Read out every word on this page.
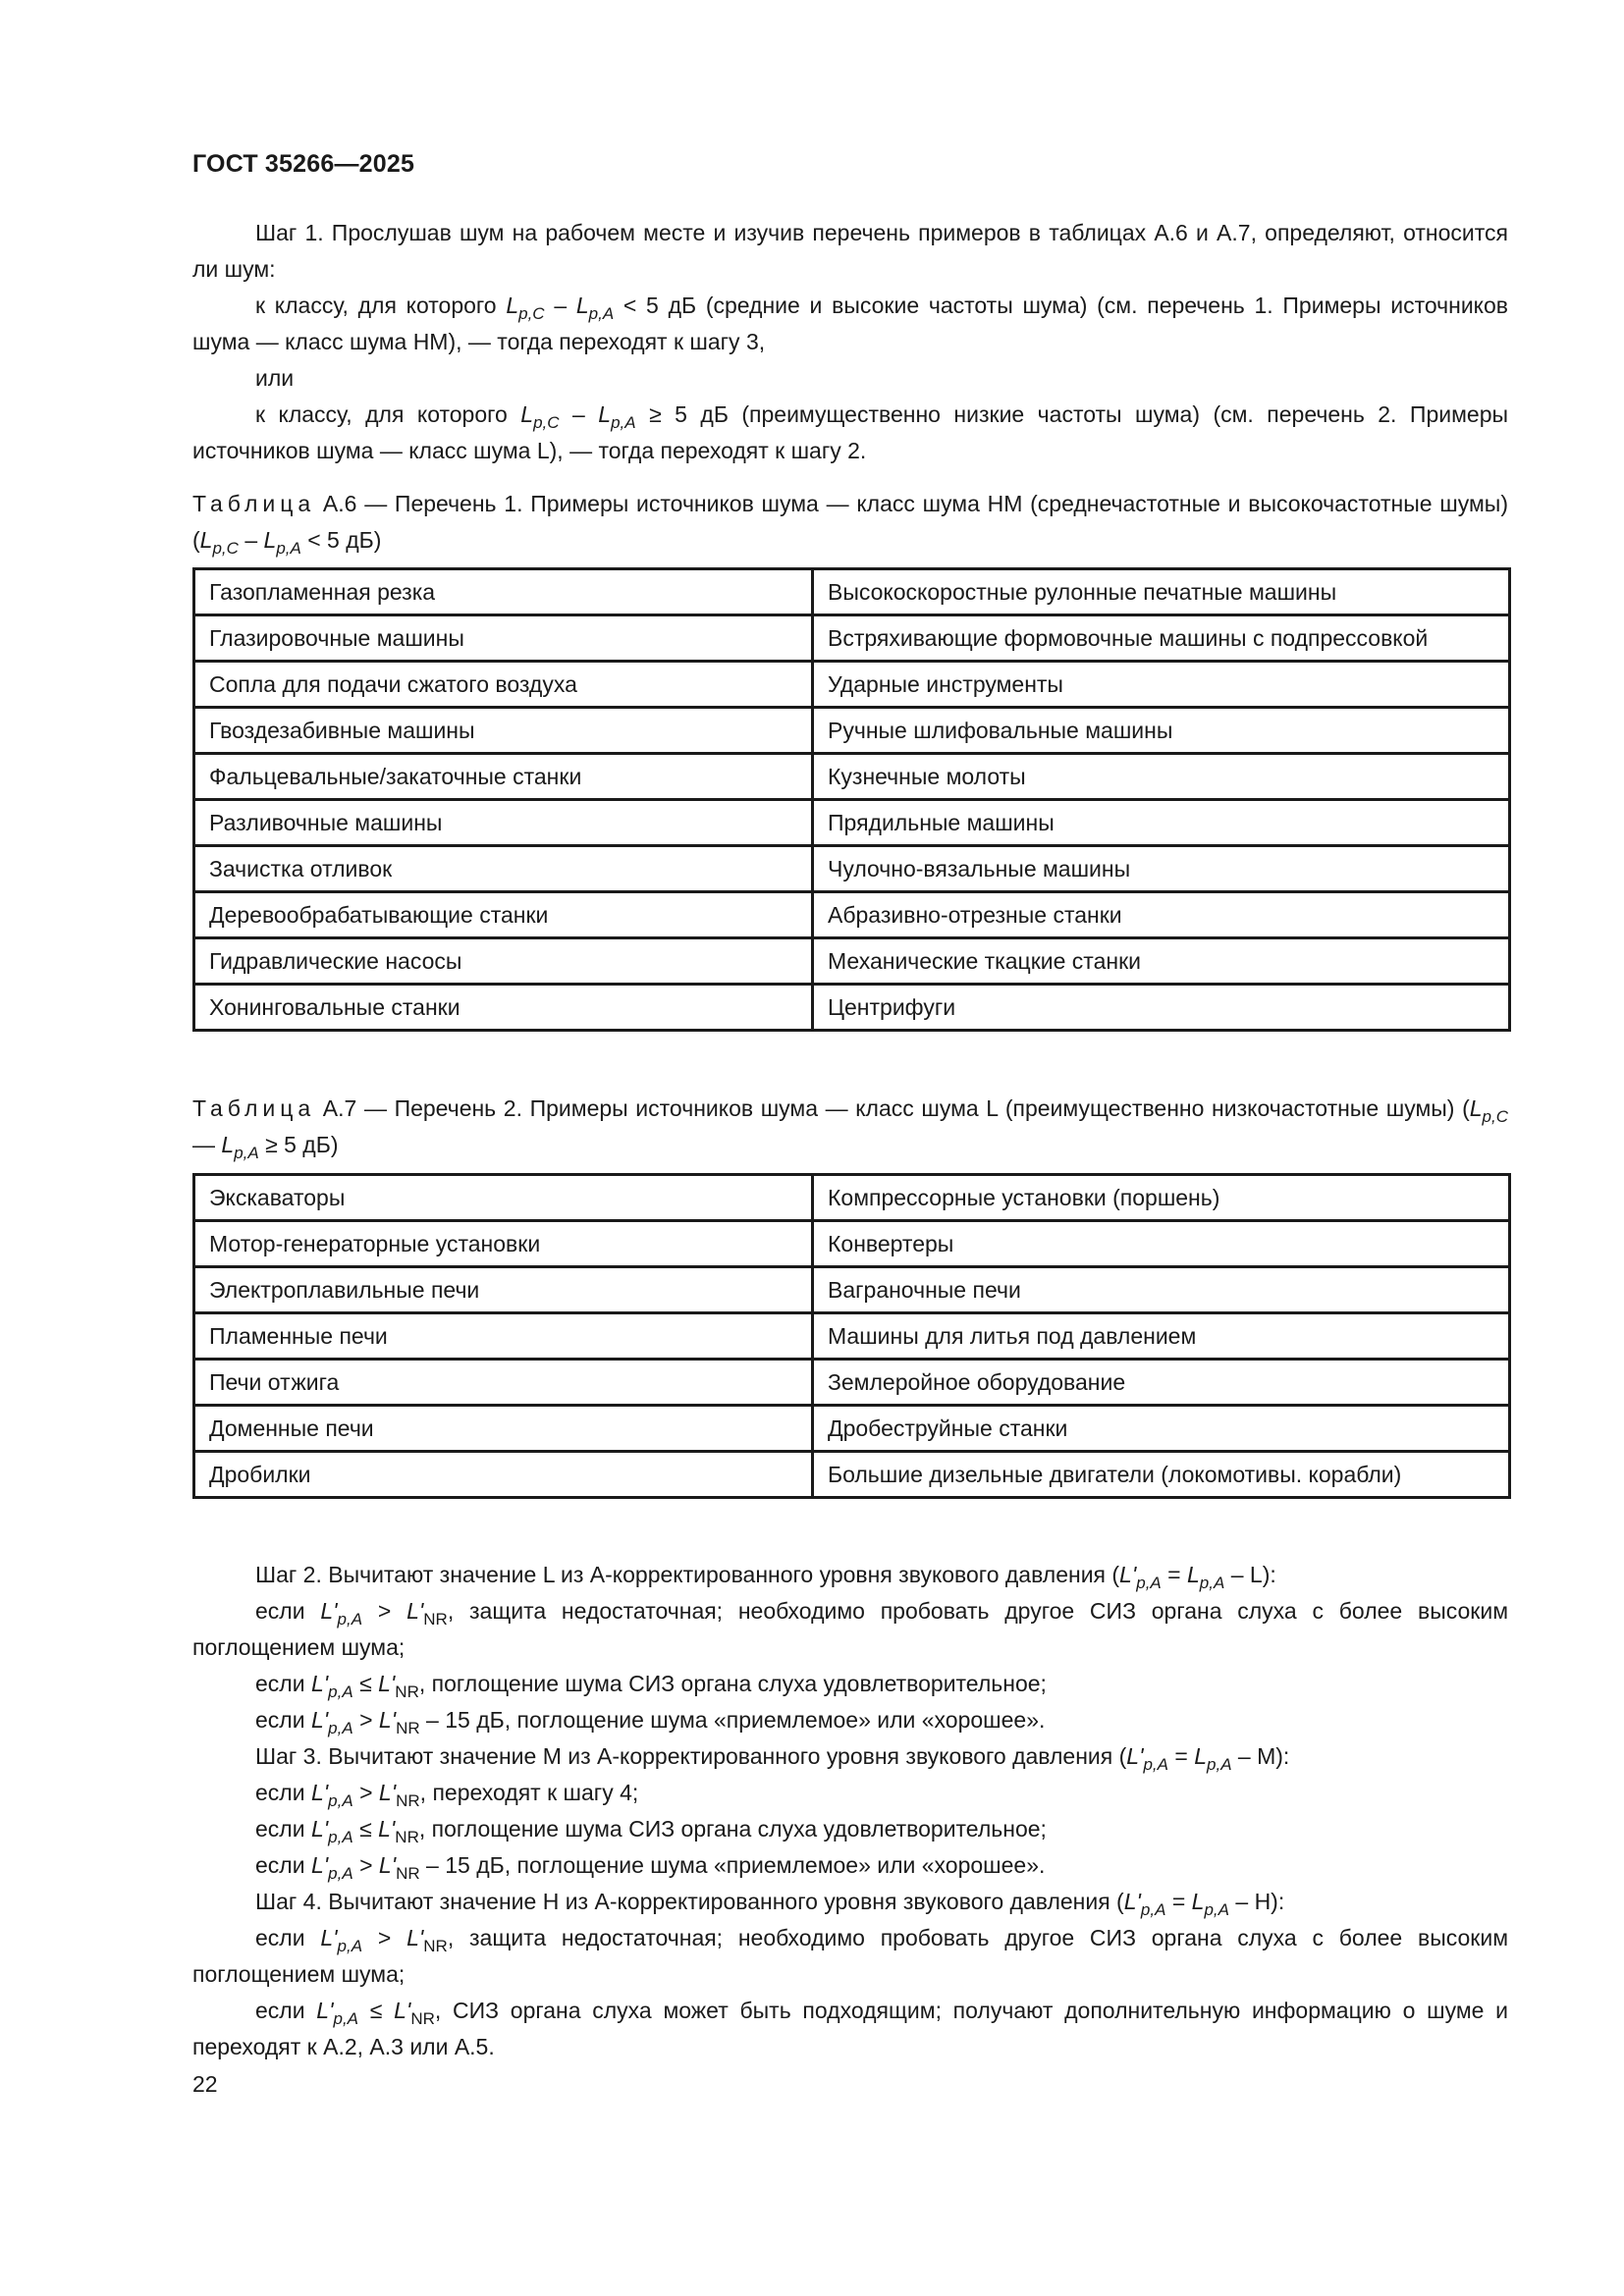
ГОСТ 35266—2025

Шаг 1. Прослушав шум на рабочем месте и изучив перечень примеров в таблицах А.6 и А.7, определяют, относится ли шум:

к классу, для которого $L_{p,C} - L_{p,A} < 5$ дБ (средние и высокие частоты шума) (см. перечень 1. Примеры источников шума — класс шума НМ), — тогда переходят к шагу 3,

или

к классу, для которого $L_{p,C} - L_{p,A} \ge 5$ дБ (преимущественно низкие частоты шума) (см. перечень 2. Примеры источников шума — класс шума L), — тогда переходят к шагу 2.

Таблица А.6 — Перечень 1. Примеры источников шума — класс шума НМ (среднечастотные и высокочастотные шумы) ($L_{p,C} - L_{p,A} < 5$ дБ)

Газопламенная резка	Высокоскоростные рулонные печатные машины
Глазировочные машины	Встряхивающие формовочные машины с подпрессовкой
Сопла для подачи сжатого воздуха	Ударные инструменты
Гвоздезабивные машины	Ручные шлифовальные машины
Фальцевальные/закаточные станки	Кузнечные молоты
Разливочные машины	Прядильные машины
Зачистка отливок	Чулочно-вязальные машины
Деревообрабатывающие станки	Абразивно-отрезные станки
Гидравлические насосы	Механические ткацкие станки
Хонинговальные станки	Центрифуги

Таблица А.7 — Перечень 2. Примеры источников шума — класс шума L (преимущественно низкочастотные шумы) ($L_{p,C}$ — $L_{p,A} \ge 5$ дБ)

Экскаваторы	Компрессорные установки (поршень)
Мотор-генераторные установки	Конвертеры
Электроплавильные печи	Ваграночные печи
Пламенные печи	Машины для литья под давлением
Печи отжига	Землеройное оборудование
Доменные печи	Дробеструйные станки
Дробилки	Большие дизельные двигатели (локомотивы. корабли)

Шаг 2. Вычитают значение L из А-корректированного уровня звукового давления $(L'_{p,A} = L_{p,A} - L)$:

если $L'_{p,A} > L'_{NR}$, защита недостаточная; необходимо пробовать другое СИЗ органа слуха с более высоким поглощением шума;

если $L'_{p,A} \le L'_{NR}$, поглощение шума СИЗ органа слуха удовлетворительное;

если $L'_{p,A} > L'_{NR} - 15$ дБ, поглощение шума «приемлемое» или «хорошее».

Шаг 3. Вычитают значение М из А-корректированного уровня звукового давления $(L'_{p,A} = L_{p,A} - М)$:

если $L'_{p,A} > L'_{NR}$, переходят к шагу 4;

если $L'_{p,A} \le L'_{NR}$, поглощение шума СИЗ органа слуха удовлетворительное;

если $L'_{p,A} > L'_{NR} - 15$ дБ, поглощение шума «приемлемое» или «хорошее».

Шаг 4. Вычитают значение Н из А-корректированного уровня звукового давления $(L'_{p,A} = L_{p,A} - Н)$:

если $L'_{p,A} > L'_{NR}$, защита недостаточная; необходимо пробовать другое СИЗ органа слуха с более высоким поглощением шума;

если $L'_{p,A} \le L'_{NR}$, СИЗ органа слуха может быть подходящим; получают дополнительную информацию о шуме и переходят к А.2, А.3 или А.5.

22
